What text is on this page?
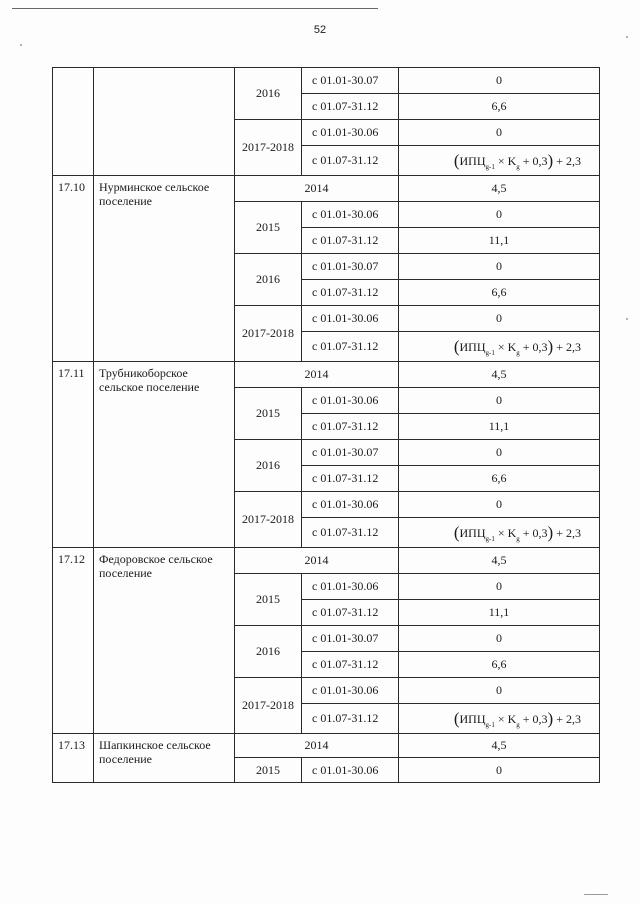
52
		2016	с 01.01-30.07	0
			с 01.07-31.12	6,6
		2017-2018	с 01.01-30.06	0
			с 01.07-31.12	$(ИПЦ_{g-1} \times K_g + 0,3) + 2,3$
17.10	Нурминское сельское поселение	2014		4,5
		2015	с 01.01-30.06	0
			с 01.07-31.12	11,1
		2016	с 01.01-30.07	0
			с 01.07-31.12	6,6
		2017-2018	с 01.01-30.06	0
			с 01.07-31.12	$(ИПЦ_{g-1} \times K_g + 0,3) + 2,3$
17.11	Трубникоборское сельское поселение	2014		4,5
		2015	с 01.01-30.06	0
			с 01.07-31.12	11,1
		2016	с 01.01-30.07	0
			с 01.07-31.12	6,6
		2017-2018	с 01.01-30.06	0
			с 01.07-31.12	$(ИПЦ_{g-1} \times K_g + 0,3) + 2,3$
17.12	Федоровское сельское поселение	2014		4,5
		2015	с 01.01-30.06	0
			с 01.07-31.12	11,1
		2016	с 01.01-30.07	0
			с 01.07-31.12	6,6
		2017-2018	с 01.01-30.06	0
			с 01.07-31.12	$(ИПЦ_{g-1} \times K_g + 0,3) + 2,3$
17.13	Шапкинское сельское поселение	2014		4,5
		2015	с 01.01-30.06	0
